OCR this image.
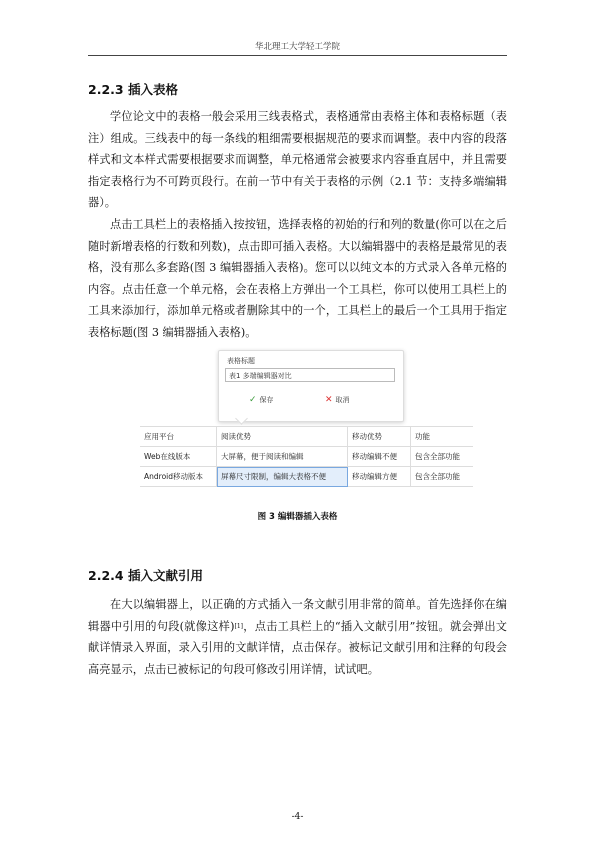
华北理工大学轻工学院
2.2.3 插入表格

学位论文中的表格一般会采用三线表格式，表格通常由表格主体和表格标题（表注）组成。三线表中的每一条线的粗细需要根据规范的要求而调整。表中内容的段落样式和文本样式需要根据要求而调整，单元格通常会被要求内容垂直居中，并且需要指定表格行为不可跨页段行。在前一节中有关于表格的示例（2.1 节：支持多端编辑器）。

点击工具栏上的表格插入按按钮，选择表格的初始的行和列的数量(你可以在之后随时新增表格的行数和列数)，点击即可插入表格。大以编辑器中的表格是最常见的表格，没有那么多套路(图 3 编辑器插入表格)。您可以以纯文本的方式录入各单元格的内容。点击任意一个单元格，会在表格上方弹出一个工具栏，你可以使用工具栏上的工具来添加行，添加单元格或者删除其中的一个，工具栏上的最后一个工具用于指定表格标题(图 3 编辑器插入表格)。

表格标题
表1 多端编辑器对比
✓ 保存	✕ 取消
应用平台	阅读优势	移动优势	功能
Web在线版本	大屏幕，便于阅读和编辑	移动编辑不便	包含全部功能
Android移动版本	屏幕尺寸限制，编辑大表格不便	移动编辑方便	包含全部功能
图 3 编辑器插入表格
2.2.4 插入文献引用

在大以编辑器上，以正确的方式插入一条文献引用非常的简单。首先选择你在编辑器中引用的句段(就像这样)[1]，点击工具栏上的“插入文献引用”按钮。就会弹出文献详情录入界面，录入引用的文献详情，点击保存。被标记文献引用和注释的句段会高亮显示，点击已被标记的句段可修改引用详情，试试吧。

-4-
